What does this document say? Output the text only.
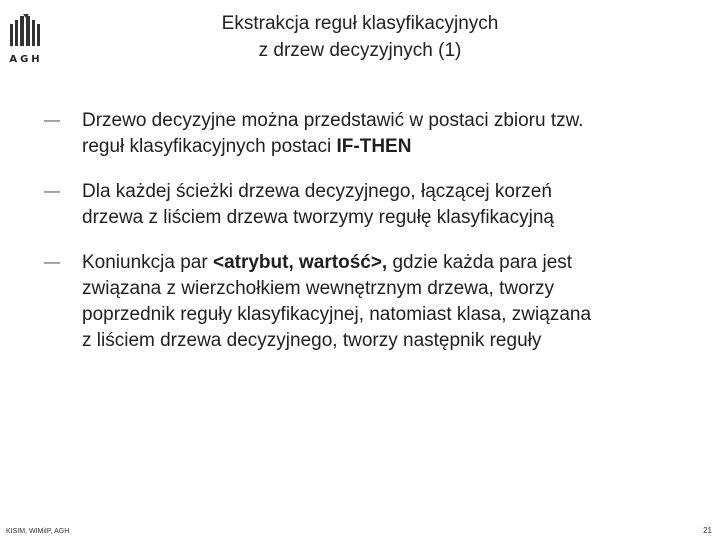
AGH
Ekstrakcja reguł klasyfikacyjnych
z drzew decyzyjnych (1)
— Drzewo decyzyjne można przedstawić w postaci zbioru tzw.
reguł klasyfikacyjnych postaci IF-THEN
— Dla każdej ścieżki drzewa decyzyjnego, łączącej korzeń
drzewa z liściem drzewa tworzymy regułę klasyfikacyjną
— Koniunkcja par <atrybut, wartość>, gdzie każda para jest
związana z wierzchołkiem wewnętrznym drzewa, tworzy
poprzednik reguły klasyfikacyjnej, natomiast klasa, związana
z liściem drzewa decyzyjnego, tworzy następnik reguły
KISIM, WIMiIP, AGH	21
